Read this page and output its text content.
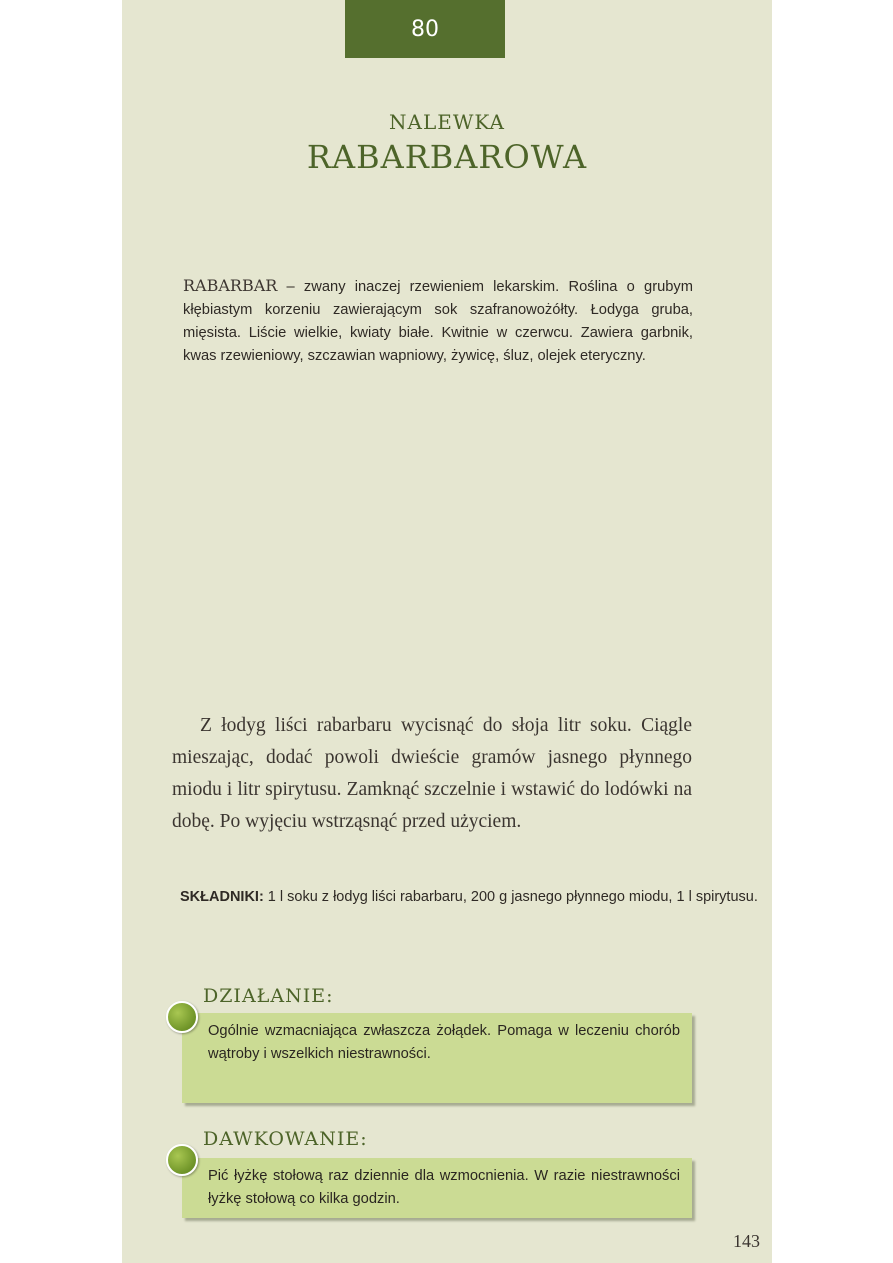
80
NALEWKA
RABARBAROWA
RABARBAR – zwany inaczej rzewieniem lekarskim. Roślina o grubym kłębiastym korzeniu zawierającym sok szafranowożółty. Łodyga gruba, mięsista. Liście wielkie, kwiaty białe. Kwitnie w czerwcu. Zawiera garbnik, kwas rzewieniowy, szczawian wapniowy, żywicę, śluz, olejek eteryczny.
Z łodyg liści rabarbaru wycisnąć do słoja litr soku. Ciągle mieszając, dodać powoli dwieście gramów jasnego płynnego miodu i litr spirytusu. Zamknąć szczelnie i wstawić do lodówki na dobę. Po wyjęciu wstrząsnąć przed użyciem.
SKŁADNIKI: 1 l soku z łodyg liści rabarbaru, 200 g jasnego płynnego miodu, 1 l spirytusu.
DZIAŁANIE:
Ogólnie wzmacniająca zwłaszcza żołądek. Pomaga w leczeniu chorób wątroby i wszelkich niestrawności.
DAWKOWANIE:
Pić łyżkę stołową raz dziennie dla wzmocnienia. W razie niestrawności łyżkę stołową co kilka godzin.
143
